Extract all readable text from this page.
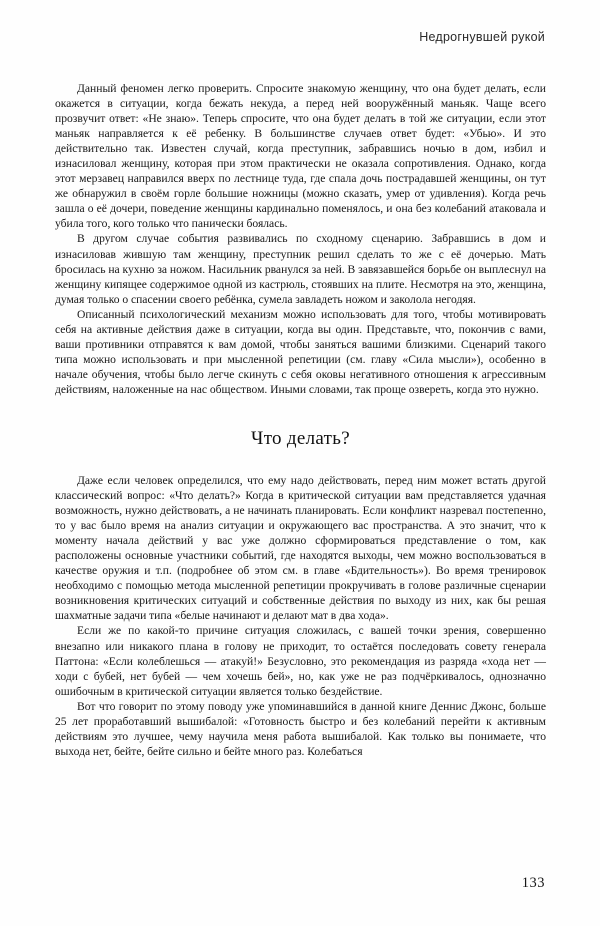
Недрогнувшей рукой

Данный феномен легко проверить. Спросите знакомую женщину, что она будет делать, если окажется в ситуации, когда бежать некуда, а перед ней вооружённый маньяк. Чаще всего прозвучит ответ: «Не знаю». Теперь спросите, что она будет делать в той же ситуации, если этот маньяк направляется к её ребенку. В большинстве случаев ответ будет: «Убью». И это действительно так. Известен случай, когда преступник, забравшись ночью в дом, избил и изнасиловал женщину, которая при этом практически не оказала сопротивления. Однако, когда этот мерзавец направился вверх по лестнице туда, где спала дочь пострадавшей женщины, он тут же обнаружил в своём горле большие ножницы (можно сказать, умер от удивления). Когда речь зашла о её дочери, поведение женщины кардинально поменялось, и она без колебаний атаковала и убила того, кого только что панически боялась.

В другом случае события развивались по сходному сценарию. Забравшись в дом и изнасиловав жившую там женщину, преступник решил сделать то же с её дочерью. Мать бросилась на кухню за ножом. Насильник рванулся за ней. В завязавшейся борьбе он выплеснул на женщину кипящее содержимое одной из кастрюль, стоявших на плите. Несмотря на это, женщина, думая только о спасении своего ребёнка, сумела завладеть ножом и заколола негодяя.

Описанный психологический механизм можно использовать для того, чтобы мотивировать себя на активные действия даже в ситуации, когда вы один. Представьте, что, покончив с вами, ваши противники отправятся к вам домой, чтобы заняться вашими близкими. Сценарий такого типа можно использовать и при мысленной репетиции (см. главу «Сила мысли»), особенно в начале обучения, чтобы было легче скинуть с себя оковы негативного отношения к агрессивным действиям, наложенные на нас обществом. Иными словами, так проще озвереть, когда это нужно.

Что делать?

Даже если человек определился, что ему надо действовать, перед ним может встать другой классический вопрос: «Что делать?» Когда в критической ситуации вам представляется удачная возможность, нужно действовать, а не начинать планировать. Если конфликт назревал постепенно, то у вас было время на анализ ситуации и окружающего вас пространства. А это значит, что к моменту начала действий у вас уже должно сформироваться представление о том, как расположены основные участники событий, где находятся выходы, чем можно воспользоваться в качестве оружия и т.п. (подробнее об этом см. в главе «Бдительность»). Во время тренировок необходимо с помощью метода мысленной репетиции прокручивать в голове различные сценарии возникновения критических ситуаций и собственные действия по выходу из них, как бы решая шахматные задачи типа «белые начинают и делают мат в два хода».

Если же по какой-то причине ситуация сложилась, с вашей точки зрения, совершенно внезапно или никакого плана в голову не приходит, то остаётся последовать совету генерала Паттона: «Если колеблешься — атакуй!» Безусловно, это рекомендация из разряда «хода нет — ходи с бубей, нет бубей — чем хочешь бей», но, как уже не раз подчёркивалось, однозначно ошибочным в критической ситуации является только бездействие.

Вот что говорит по этому поводу уже упоминавшийся в данной книге Деннис Джонс, больше 25 лет проработавший вышибалой: «Готовность быстро и без колебаний перейти к активным действиям это лучшее, чему научила меня работа вышибалой. Как только вы понимаете, что выхода нет, бейте, бейте сильно и бейте много раз. Колебаться

133
